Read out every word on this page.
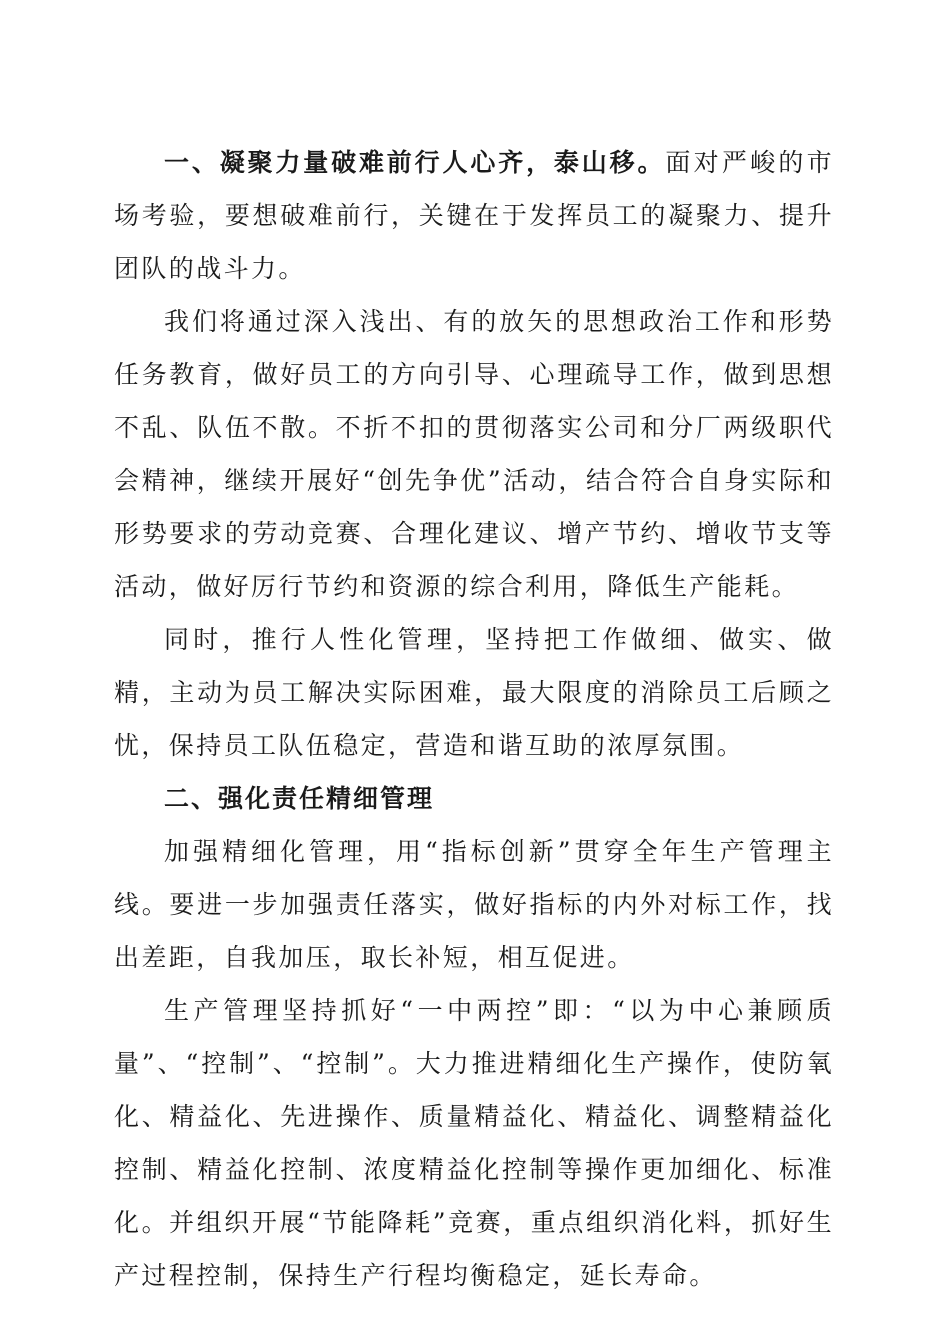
一、凝聚力量破难前行人心齐，泰山移。面对严峻的市场考验，要想破难前行，关键在于发挥员工的凝聚力、提升团队的战斗力。

我们将通过深入浅出、有的放矢的思想政治工作和形势任务教育，做好员工的方向引导、心理疏导工作，做到思想不乱、队伍不散。不折不扣的贯彻落实公司和分厂两级职代会精神，继续开展好“创先争优”活动，结合符合自身实际和形势要求的劳动竞赛、合理化建议、增产节约、增收节支等活动，做好厉行节约和资源的综合利用，降低生产能耗。

同时，推行人性化管理，坚持把工作做细、做实、做精，主动为员工解决实际困难，最大限度的消除员工后顾之忧，保持员工队伍稳定，营造和谐互助的浓厚氛围。

二、强化责任精细管理

加强精细化管理，用“指标创新”贯穿全年生产管理主线。要进一步加强责任落实，做好指标的内外对标工作，找出差距，自我加压，取长补短，相互促进。

生产管理坚持抓好“一中两控”即：“以为中心兼顾质量”、“控制”、“控制”。大力推进精细化生产操作，使防氧化、精益化、先进操作、质量精益化、精益化、调整精益化控制、精益化控制、浓度精益化控制等操作更加细化、标准化。并组织开展“节能降耗”竞赛，重点组织消化料，抓好生产过程控制，保持生产行程均衡稳定，延长寿命。
